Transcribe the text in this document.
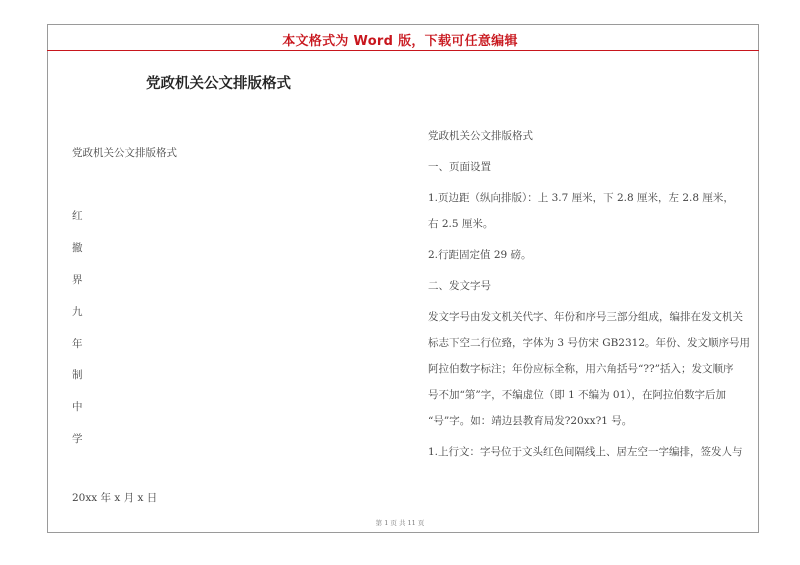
本文格式为 Word 版，下载可任意编辑
党政机关公文排版格式
党政机关公文排版格式
红
撤
界
九
年
制
中
学
20xx 年 x 月 x 日

党政机关公文排版格式

一、页面设置

1.页边距（纵向排版）：上 3.7 厘米，下 2.8 厘米，左 2.8 厘米，
右 2.5 厘米。

2.行距固定值 29 磅。

二、发文字号

发文字号由发文机关代字、年份和序号三部分组成，编排在发文机关
标志下空二行位臵，字体为 3 号仿宋 GB2312。年份、发文顺序号用
阿拉伯数字标注；年份应标全称，用六角括号“??”括入；发文顺序
号不加“第”字，不编虚位（即 1 不编为 01），在阿拉伯数字后加
“号”字。如：靖边县教育局发?20xx?1 号。

1.上行文：字号位于文头红色间隔线上、居左空一字编排，签发人与

第 1 页 共 11 页
